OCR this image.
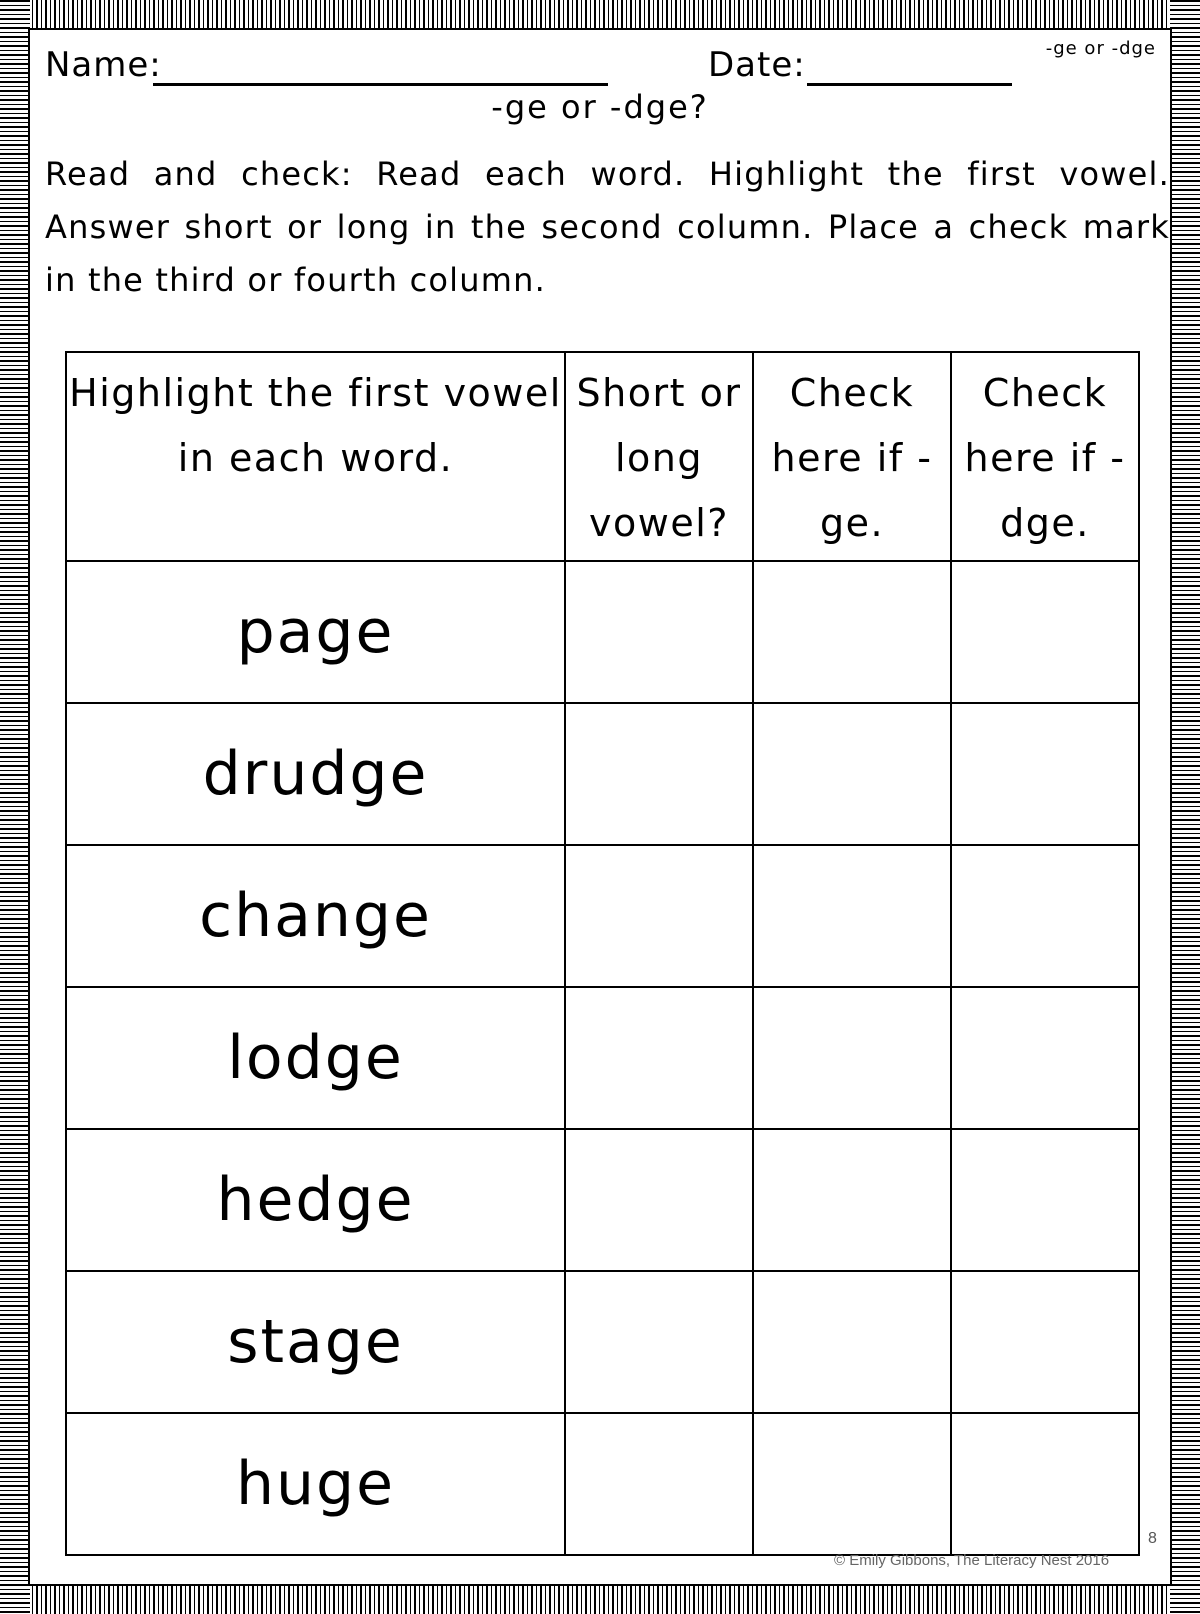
-ge or -dge
Name:	Date:
-ge or -dge?
Read and check: Read each word. Highlight the first vowel. Answer short or long in the second column. Place a check mark in the third or fourth column.
Highlight the first vowel in each word.	Short or long vowel?	Check here if -ge.	Check here if -dge.
page			
drudge			
change			
lodge			
hedge			
stage			
huge			
8
© Emily Gibbons, The Literacy Nest 2016
